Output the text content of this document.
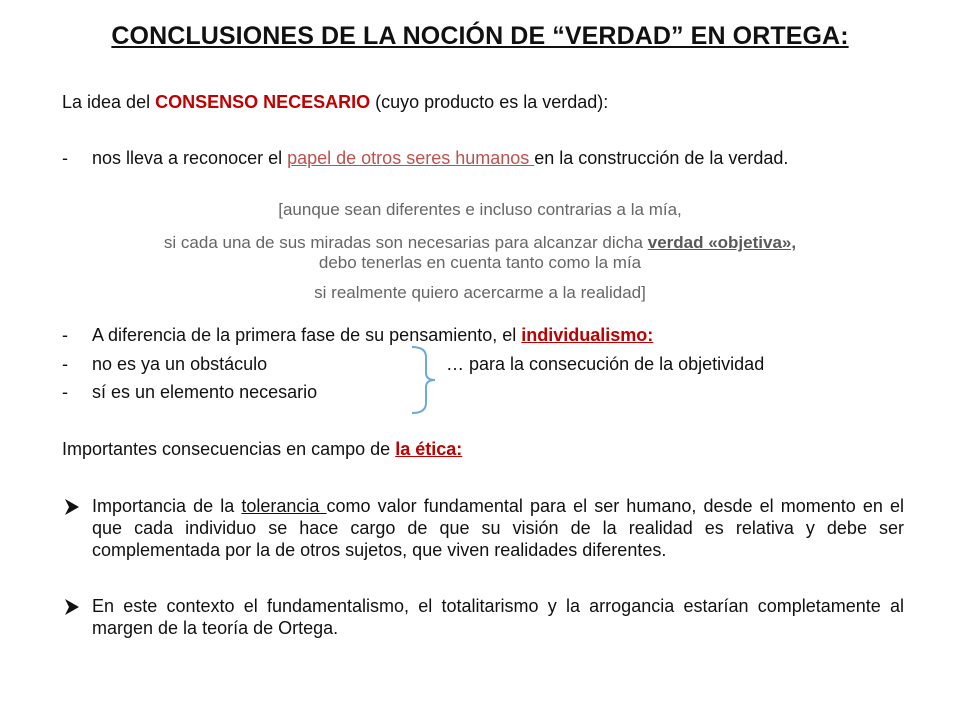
CONCLUSIONES DE LA NOCIÓN DE “VERDAD” EN ORTEGA:
La idea del CONSENSO NECESARIO (cuyo producto es la verdad):
- nos lleva a reconocer el papel de otros seres humanos en la construcción de la verdad.
[aunque sean diferentes e incluso contrarias a la mía,
si cada una de sus miradas son necesarias para alcanzar dicha verdad «objetiva»,
debo tenerlas en cuenta tanto como la mía
si realmente quiero acercarme a la realidad]
- A diferencia de la primera fase de su pensamiento, el individualismo:
- no es ya un obstáculo	… para la consecución de la objetividad
- sí es un elemento necesario
Importantes consecuencias en campo de la ética:
Importancia de la tolerancia como valor fundamental para el ser humano, desde el momento en el que cada individuo se hace cargo de que su visión de la realidad es relativa y debe ser complementada por la de otros sujetos, que viven realidades diferentes.
En este contexto el fundamentalismo, el totalitarismo y la arrogancia estarían completamente al margen de la teoría de Ortega.
